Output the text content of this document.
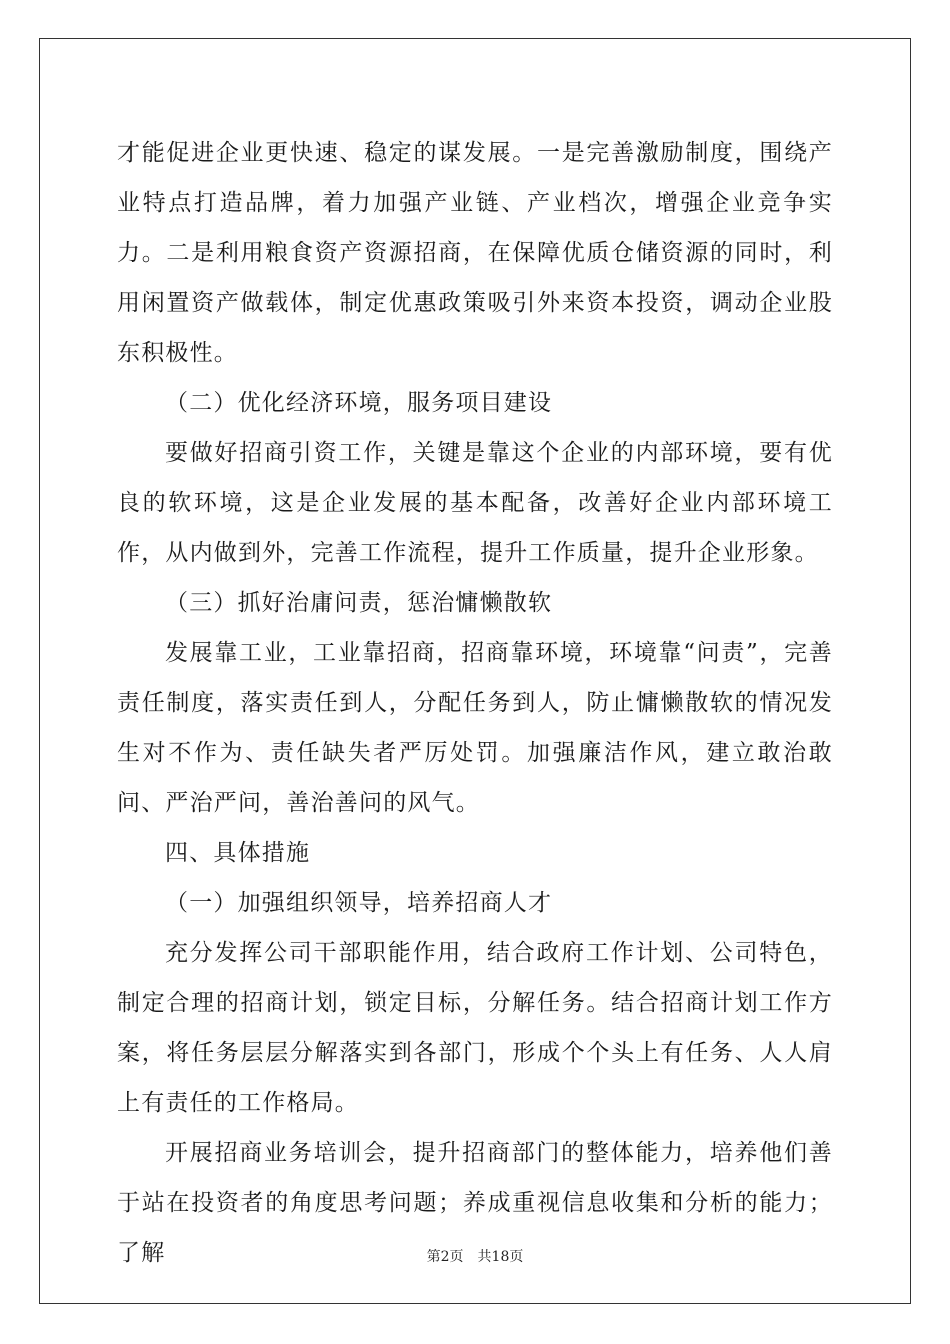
才能促进企业更快速、稳定的谋发展。一是完善激励制度，围绕产业特点打造品牌，着力加强产业链、产业档次，增强企业竞争实力。二是利用粮食资产资源招商，在保障优质仓储资源的同时，利用闲置资产做载体，制定优惠政策吸引外来资本投资，调动企业股东积极性。

（二）优化经济环境，服务项目建设

要做好招商引资工作，关键是靠这个企业的内部环境，要有优良的软环境，这是企业发展的基本配备，改善好企业内部环境工作，从内做到外，完善工作流程，提升工作质量，提升企业形象。

（三）抓好治庸问责，惩治慵懒散软

发展靠工业，工业靠招商，招商靠环境，环境靠“问责”，完善责任制度，落实责任到人，分配任务到人，防止慵懒散软的情况发生对不作为、责任缺失者严厉处罚。加强廉洁作风，建立敢治敢问、严治严问，善治善问的风气。

四、具体措施

（一）加强组织领导，培养招商人才

充分发挥公司干部职能作用，结合政府工作计划、公司特色，制定合理的招商计划，锁定目标，分解任务。结合招商计划工作方案，将任务层层分解落实到各部门，形成个个头上有任务、人人肩上有责任的工作格局。

开展招商业务培训会，提升招商部门的整体能力，培养他们善于站在投资者的角度思考问题；养成重视信息收集和分析的能力；了解	第2页 共18页
